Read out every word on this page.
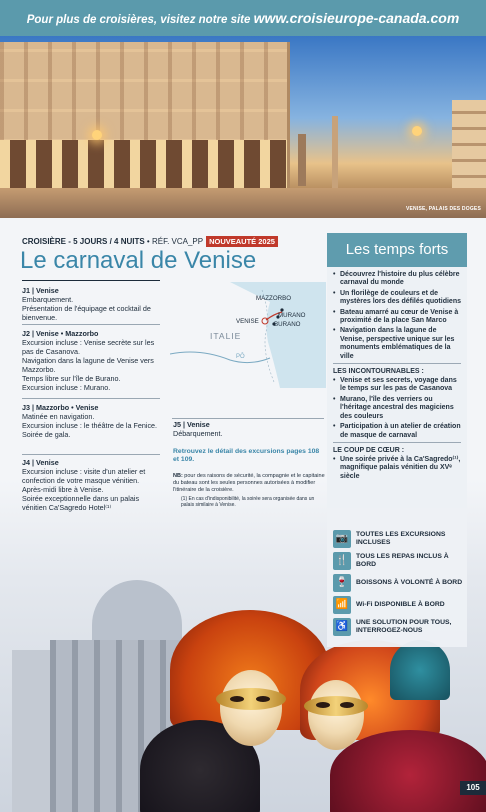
Pour plus de croisières, visitez notre site www.croisieurope-canada.com
VENISE, PALAIS DES DOGES
CROISIÈRE - 5 JOURS / 4 NUITS • RÉF. VCA_PP NOUVEAUTÉ 2025
Le carnaval de Venise
J1 | Venise
Embarquement.
Présentation de l'équipage et cocktail de bienvenue.
J2 | Venise • Mazzorbo
Excursion incluse : Venise secrète sur les pas de Casanova.
Navigation dans la lagune de Venise vers Mazzorbo.
Temps libre sur l'île de Burano.
Excursion incluse : Murano.
J3 | Mazzorbo • Venise
Matinée en navigation.
Excursion incluse : le théâtre de la Fenice.
Soirée de gala.
J4 | Venise
Excursion incluse : visite d'un atelier et confection de votre masque vénitien.
Après-midi libre à Venise.
Soirée exceptionnelle dans un palais vénitien Ca'Sagredo Hotel⁽¹⁾
MAZZORBO
MURANO
BURANO
VENISE
ITALIE
PÔ
J5 | Venise
Débarquement.
Retrouvez le détail des excursions pages 108 et 109.
NB: pour des raisons de sécurité, la compagnie et le capitaine du bateau sont les seules personnes autorisées à modifier l'itinéraire de la croisière.
(1) En cas d'indisponibilité, la soirée sera organisée dans un palais similaire à Venise.
Les temps forts
• Découvrez l'histoire du plus célèbre carnaval du monde
• Un florilège de couleurs et de mystères lors des défilés quotidiens
• Bateau amarré au cœur de Venise à proximité de la place San Marco
• Navigation dans la lagune de Venise, perspective unique sur les monuments emblématiques de la ville
LES INCONTOURNABLES :
• Venise et ses secrets, voyage dans le temps sur les pas de Casanova
• Murano, l'île des verriers ou l'héritage ancestral des magiciens des couleurs
• Participation à un atelier de création de masque de carnaval
LE COUP DE CŒUR :
• Une soirée privée à la Ca'Sagredo⁽¹⁾, magnifique palais vénitien du XVᵉ siècle
📷	TOUTES LES EXCURSIONS INCLUSES
🍴	TOUS LES REPAS INCLUS À BORD
🍷	BOISSONS À VOLONTÉ À BORD
📶	Wi-Fi DISPONIBLE À BORD
♿	UNE SOLUTION POUR TOUS, INTERROGEZ-NOUS
105
